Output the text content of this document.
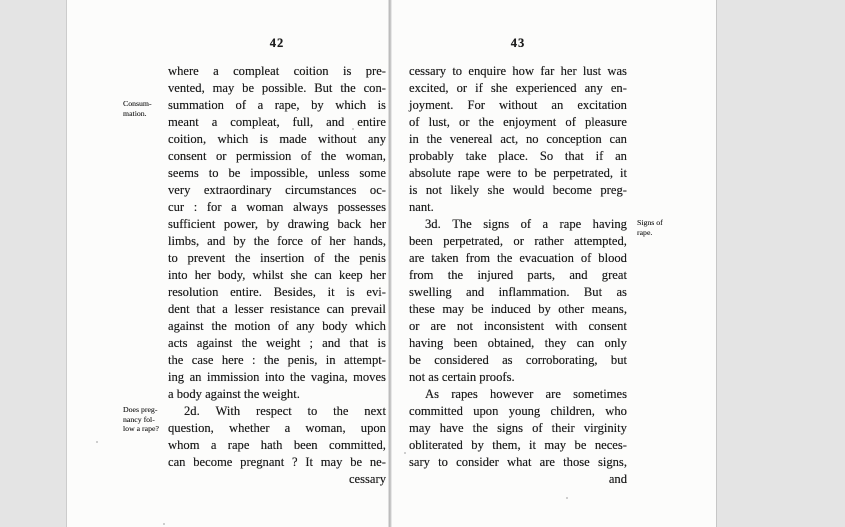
42
where a compleat coition is pre-
vented, may be possible. But the con-
summation of a rape, by which is
meant a compleat, full, and entire
coition, which is made without any
consent or permission of the woman,
seems to be impossible, unless some
very extraordinary circumstances oc-
cur : for a woman always possesses
sufficient power, by drawing back her
limbs, and by the force of her hands,
to prevent the insertion of the penis
into her body, whilst she can keep her
resolution entire. Besides, it is evi-
dent that a lesser resistance can prevail
against the motion of any body which
acts against the weight ; and that is
the case here : the penis, in attempt-
ing an immission into the vagina, moves
a body against the weight.
2d. With respect to the next
question, whether a woman, upon
whom a rape hath been committed,
can become pregnant ? It may be ne-
cessary
Consum-
mation.
Does preg-
nancy fol-
low a rape?
43
cessary to enquire how far her lust was
excited, or if she experienced any en-
joyment. For without an excitation
of lust, or the enjoyment of pleasure
in the venereal act, no conception can
probably take place. So that if an
absolute rape were to be perpetrated, it
is not likely she would become preg-
nant.
3d. The signs of a rape having
been perpetrated, or rather attempted,
are taken from the evacuation of blood
from the injured parts, and great
swelling and inflammation. But as
these may be induced by other means,
or are not inconsistent with consent
having been obtained, they can only
be considered as corroborating, but
not as certain proofs.
As rapes however are sometimes
committed upon young children, who
may have the signs of their virginity
obliterated by them, it may be neces-
sary to consider what are those signs,
and
Signs of
rape.
